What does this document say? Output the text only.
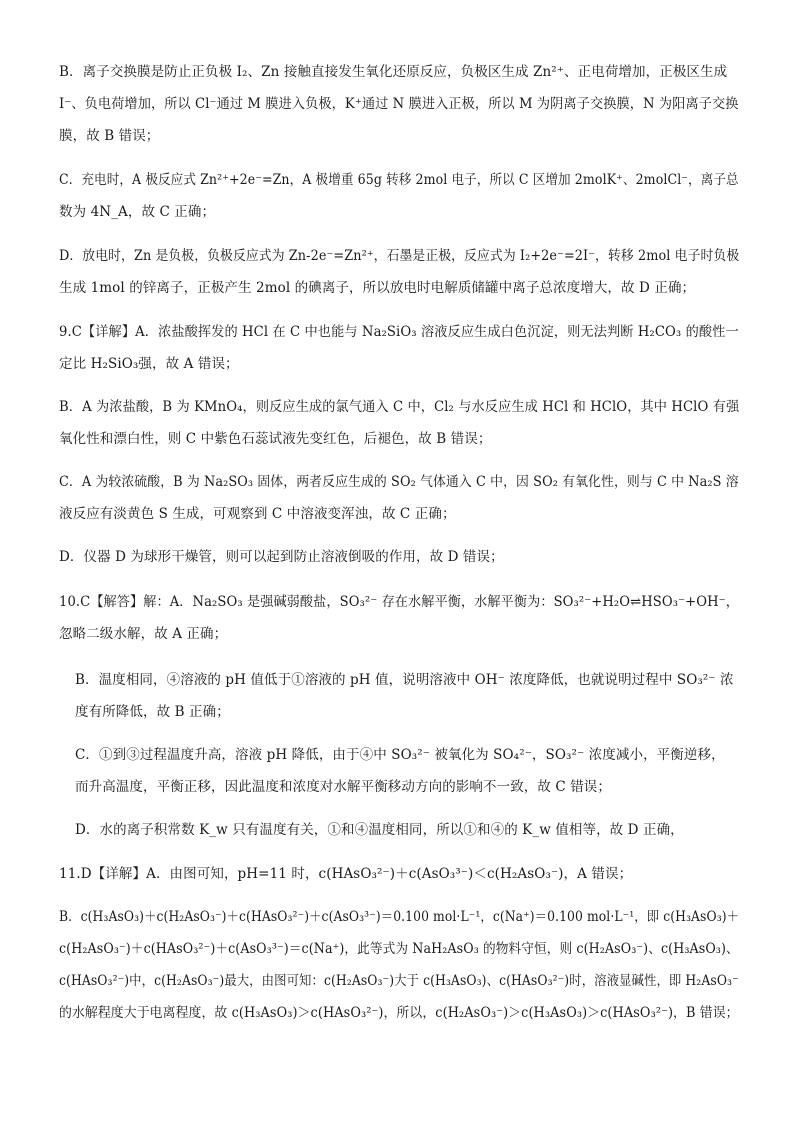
B．离子交换膜是防止正负极 I₂、Zn 接触直接发生氧化还原反应，负极区生成 Zn²⁺、正电荷增加，正极区生成
I⁻、负电荷增加，所以 Cl⁻通过 M 膜进入负极，K⁺通过 N 膜进入正极，所以 M 为阴离子交换膜，N 为阳离子交换
膜，故 B 错误；

C．充电时，A 极反应式 Zn²⁺+2e⁻=Zn，A 极增重 65g 转移 2mol 电子，所以 C 区增加 2molK⁺、2molCl⁻，离子总
数为 4N_A，故 C 正确；

D．放电时，Zn 是负极，负极反应式为 Zn-2e⁻=Zn²⁺，石墨是正极，反应式为 I₂+2e⁻=2I⁻，转移 2mol 电子时负极
生成 1mol 的锌离子，正极产生 2mol 的碘离子，所以放电时电解质储罐中离子总浓度增大，故 D 正确；

9.C【详解】A．浓盐酸挥发的 HCl 在 C 中也能与 Na₂SiO₃ 溶液反应生成白色沉淀，则无法判断 H₂CO₃ 的酸性一
定比 H₂SiO₃强，故 A 错误；

B．A 为浓盐酸，B 为 KMnO₄，则反应生成的氯气通入 C 中，Cl₂ 与水反应生成 HCl 和 HClO，其中 HClO 有强
氧化性和漂白性，则 C 中紫色石蕊试液先变红色，后褪色，故 B 错误；

C．A 为较浓硫酸，B 为 Na₂SO₃ 固体，两者反应生成的 SO₂ 气体通入 C 中，因 SO₂ 有氧化性，则与 C 中 Na₂S 溶
液反应有淡黄色 S 生成，可观察到 C 中溶液变浑浊，故 C 正确；

D．仪器 D 为球形干燥管，则可以起到防止溶液倒吸的作用，故 D 错误；

10.C【解答】解：A．Na₂SO₃ 是强碱弱酸盐，SO₃²⁻ 存在水解平衡，水解平衡为：SO₃²⁻+H₂O⇌HSO₃⁻+OH⁻，
忽略二级水解，故 A 正确；

B．温度相同，④溶液的 pH 值低于①溶液的 pH 值，说明溶液中 OH⁻ 浓度降低，也就说明过程中 SO₃²⁻ 浓
度有所降低，故 B 正确；

C．①到③过程温度升高，溶液 pH 降低，由于④中 SO₃²⁻ 被氧化为 SO₄²⁻，SO₃²⁻ 浓度减小，平衡逆移，
而升高温度，平衡正移，因此温度和浓度对水解平衡移动方向的影响不一致，故 C 错误；

D．水的离子积常数 K_w 只有温度有关，①和④温度相同，所以①和④的 K_w 值相等，故 D 正确，

11.D【详解】A．由图可知，pH=11 时，c(HAsO₃²⁻)＋c(AsO₃³⁻)＜c(H₂AsO₃⁻)，A 错误；

B．c(H₃AsO₃)＋c(H₂AsO₃⁻)＋c(HAsO₃²⁻)＋c(AsO₃³⁻)＝0.100 mol·L⁻¹，c(Na⁺)＝0.100 mol·L⁻¹，即 c(H₃AsO₃)＋
c(H₂AsO₃⁻)＋c(HAsO₃²⁻)＋c(AsO₃³⁻)＝c(Na⁺)，此等式为 NaH₂AsO₃ 的物料守恒，则 c(H₂AsO₃⁻)、c(H₃AsO₃)、
c(HAsO₃²⁻)中，c(H₂AsO₃⁻)最大，由图可知：c(H₂AsO₃⁻)大于 c(H₃AsO₃)、c(HAsO₃²⁻)时，溶液显碱性，即 H₂AsO₃⁻
的水解程度大于电离程度，故 c(H₃AsO₃)＞c(HAsO₃²⁻)，所以，c(H₂AsO₃⁻)＞c(H₃AsO₃)＞c(HAsO₃²⁻)，B 错误；
